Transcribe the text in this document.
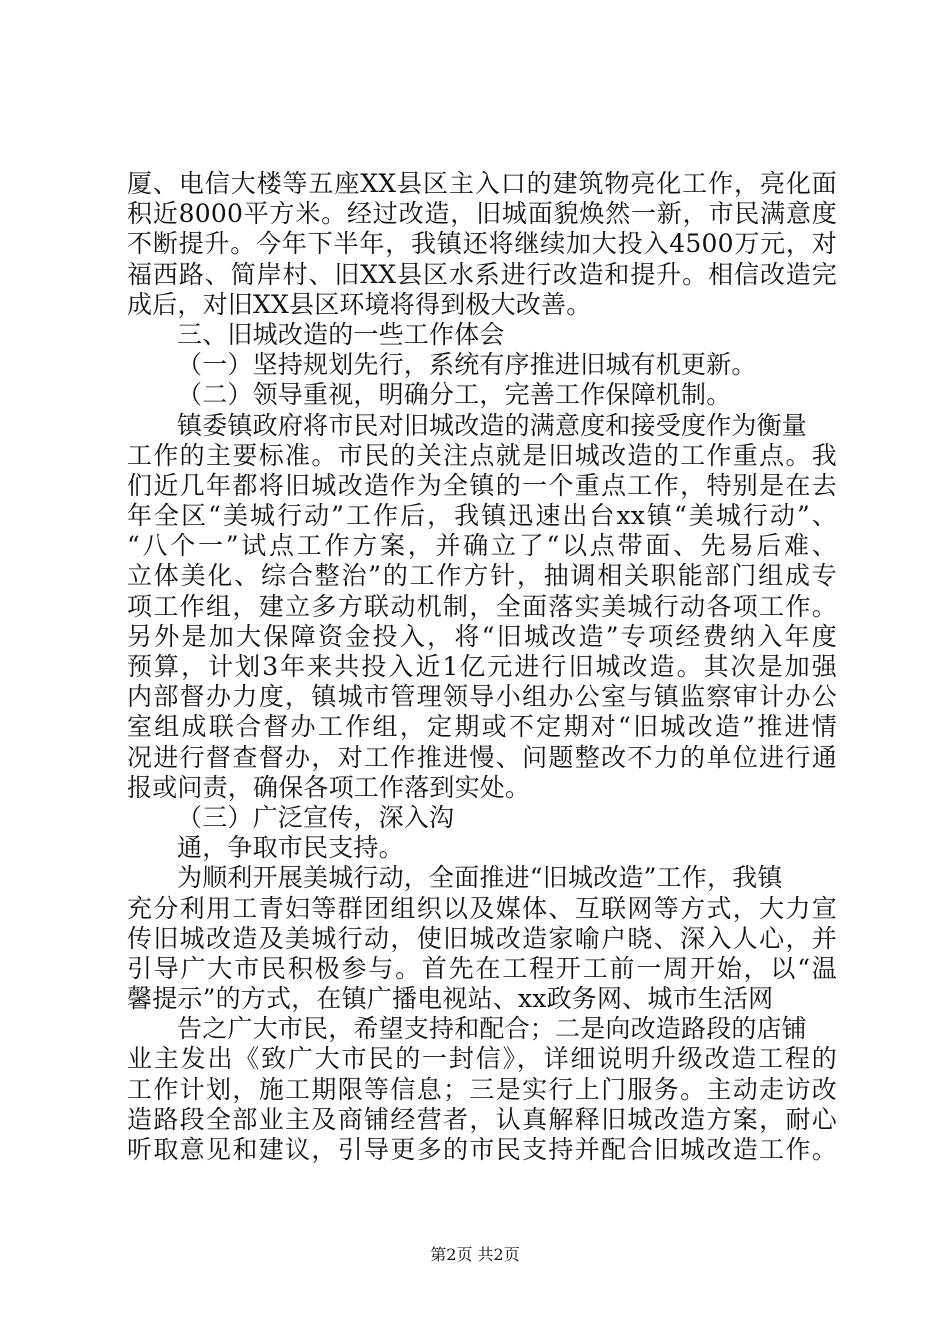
厦、电信大楼等五座XX县区主入口的建筑物亮化工作，亮化面
积近8000平方米。经过改造，旧城面貌焕然一新，市民满意度
不断提升。今年下半年，我镇还将继续加大投入4500万元，对
福西路、简岸村、旧XX县区水系进行改造和提升。相信改造完
成后，对旧XX县区环境将得到极大改善。
三、旧城改造的一些工作体会
（一）坚持规划先行，系统有序推进旧城有机更新。
（二）领导重视，明确分工，完善工作保障机制。
镇委镇政府将市民对旧城改造的满意度和接受度作为衡量
工作的主要标准。市民的关注点就是旧城改造的工作重点。我
们近几年都将旧城改造作为全镇的一个重点工作，特别是在去
年全区“美城行动”工作后，我镇迅速出台xx镇“美城行动”、
“八个一”试点工作方案，并确立了“以点带面、先易后难、
立体美化、综合整治”的工作方针，抽调相关职能部门组成专
项工作组，建立多方联动机制，全面落实美城行动各项工作。
另外是加大保障资金投入，将“旧城改造”专项经费纳入年度
预算，计划3年来共投入近1亿元进行旧城改造。其次是加强
内部督办力度，镇城市管理领导小组办公室与镇监察审计办公
室组成联合督办工作组，定期或不定期对“旧城改造”推进情
况进行督查督办，对工作推进慢、问题整改不力的单位进行通
报或问责，确保各项工作落到实处。
（三）广泛宣传，深入沟
通，争取市民支持。
为顺利开展美城行动，全面推进“旧城改造”工作，我镇
充分利用工青妇等群团组织以及媒体、互联网等方式，大力宣
传旧城改造及美城行动，使旧城改造家喻户晓、深入人心，并
引导广大市民积极参与。首先在工程开工前一周开始，以“温
馨提示”的方式，在镇广播电视站、xx政务网、城市生活网
告之广大市民，希望支持和配合；二是向改造路段的店铺
业主发出《致广大市民的一封信》，详细说明升级改造工程的
工作计划，施工期限等信息；三是实行上门服务。主动走访改
造路段全部业主及商铺经营者，认真解释旧城改造方案，耐心
听取意见和建议，引导更多的市民支持并配合旧城改造工作。
第2页 共2页
